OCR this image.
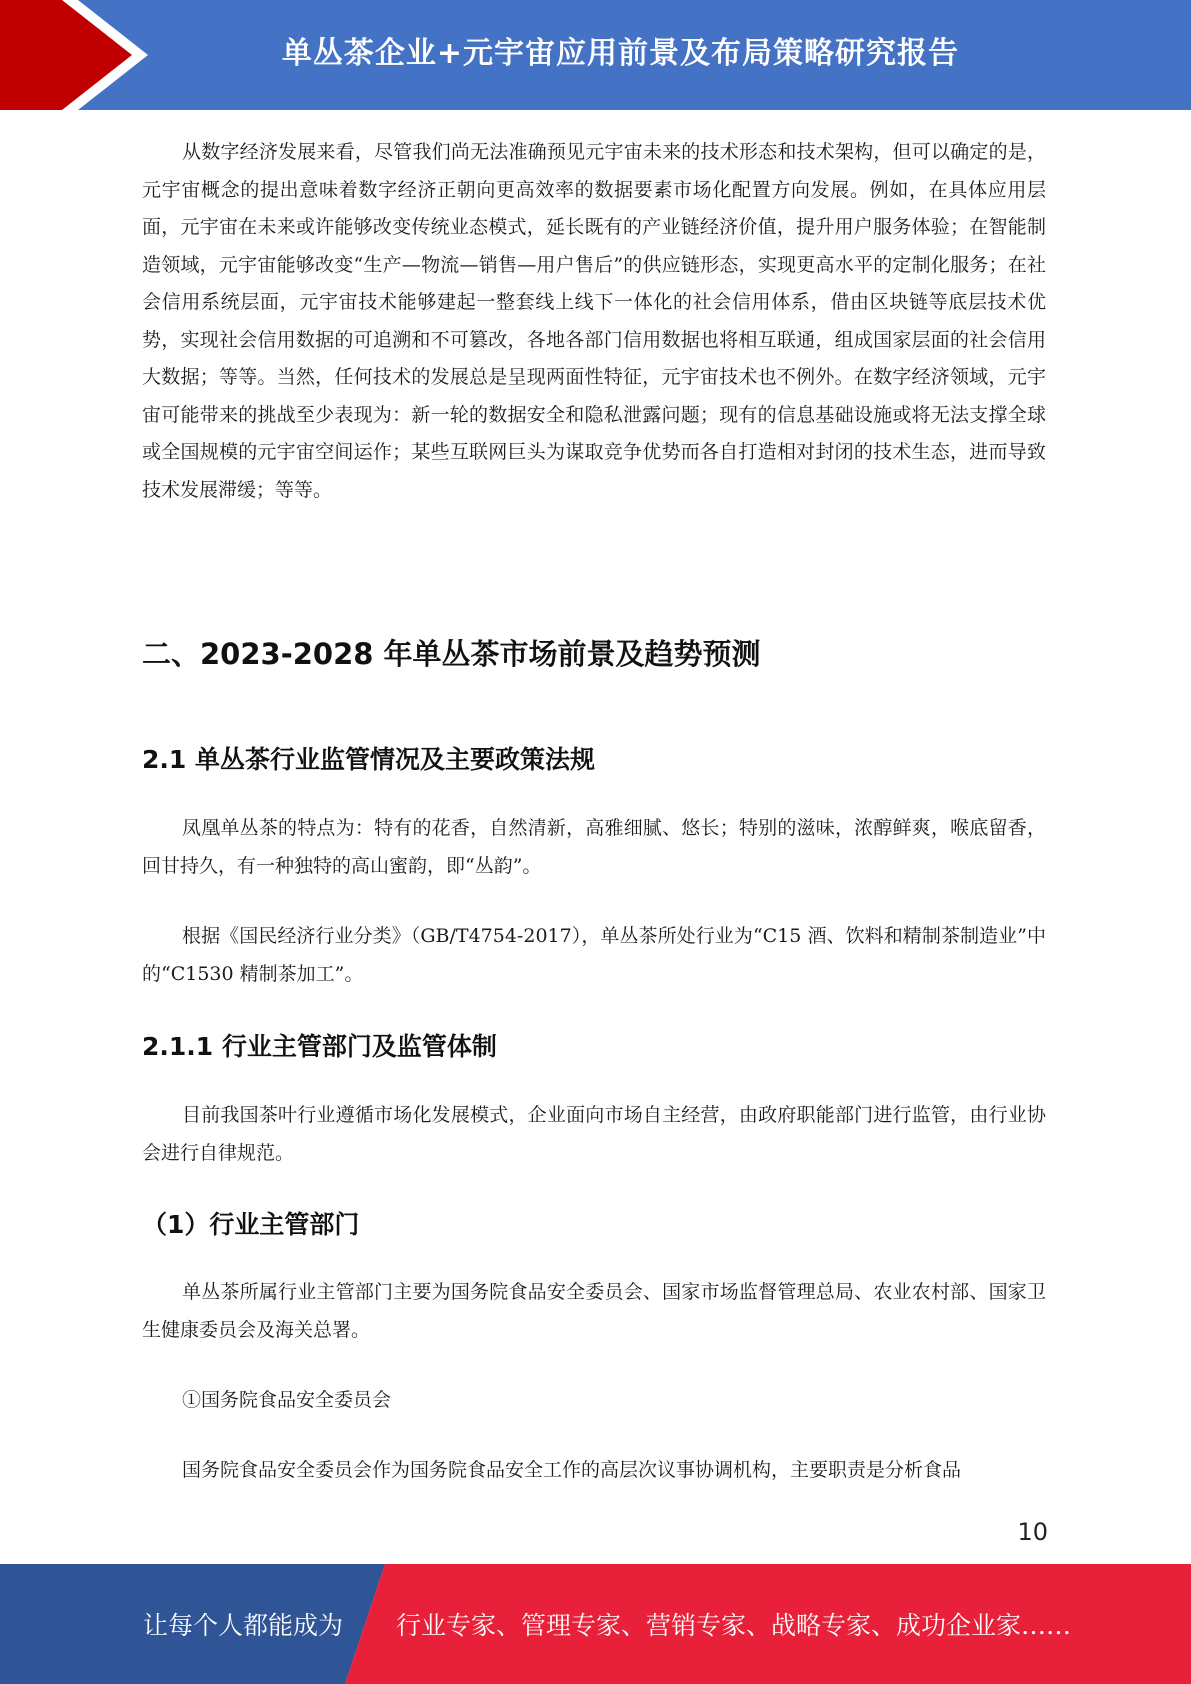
单丛茶企业+元宇宙应用前景及布局策略研究报告

从数字经济发展来看，尽管我们尚无法准确预见元宇宙未来的技术形态和技术架构，但可以确定的是，元宇宙概念的提出意味着数字经济正朝向更高效率的数据要素市场化配置方向发展。例如，在具体应用层面，元宇宙在未来或许能够改变传统业态模式，延长既有的产业链经济价值，提升用户服务体验；在智能制造领域，元宇宙能够改变“生产—物流—销售—用户售后”的供应链形态，实现更高水平的定制化服务；在社会信用系统层面，元宇宙技术能够建起一整套线上线下一体化的社会信用体系，借由区块链等底层技术优势，实现社会信用数据的可追溯和不可篡改，各地各部门信用数据也将相互联通，组成国家层面的社会信用大数据；等等。当然，任何技术的发展总是呈现两面性特征，元宇宙技术也不例外。在数字经济领域，元宇宙可能带来的挑战至少表现为：新一轮的数据安全和隐私泄露问题；现有的信息基础设施或将无法支撑全球或全国规模的元宇宙空间运作；某些互联网巨头为谋取竞争优势而各自打造相对封闭的技术生态，进而导致技术发展滞缓；等等。

二、2023-2028 年单丛茶市场前景及趋势预测
2.1 单丛茶行业监管情况及主要政策法规

凤凰单丛茶的特点为：特有的花香，自然清新，高雅细腻、悠长；特别的滋味，浓醇鲜爽，喉底留香，回甘持久，有一种独特的高山蜜韵，即“丛韵”。

根据《国民经济行业分类》（GB/T4754-2017），单丛茶所处行业为“C15 酒、饮料和精制茶制造业”中的“C1530 精制茶加工”。

2.1.1 行业主管部门及监管体制

目前我国茶叶行业遵循市场化发展模式，企业面向市场自主经营，由政府职能部门进行监管，由行业协会进行自律规范。

（1）行业主管部门

单丛茶所属行业主管部门主要为国务院食品安全委员会、国家市场监督管理总局、农业农村部、国家卫生健康委员会及海关总署。

①国务院食品安全委员会

国务院食品安全委员会作为国务院食品安全工作的高层次议事协调机构，主要职责是分析食品

10
让每个人都能成为 行业专家、管理专家、营销专家、战略专家、成功企业家……
